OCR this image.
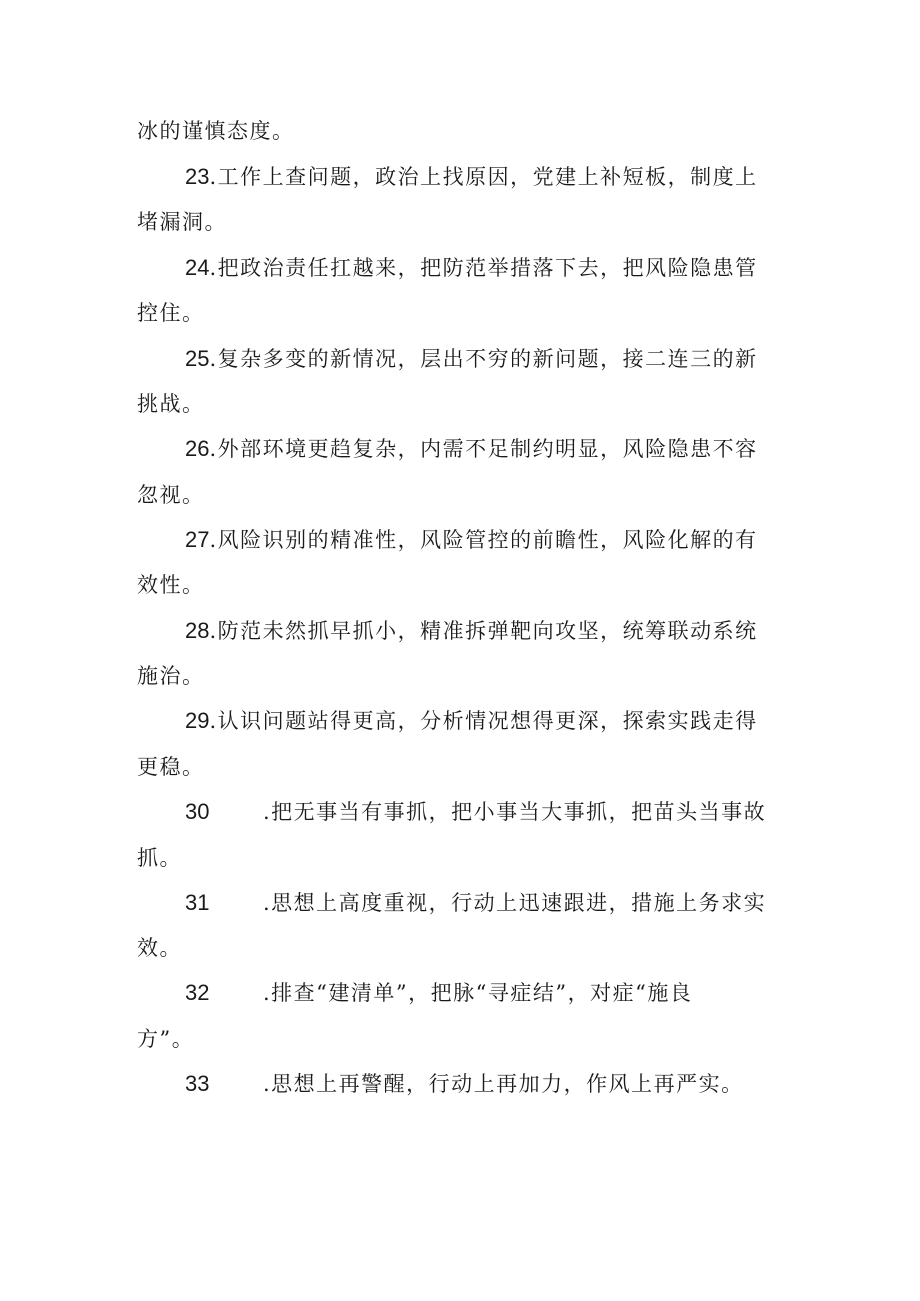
冰的谨慎态度。
23.工作上查问题，政治上找原因，党建上补短板，制度上
堵漏洞。
24.把政治责任扛越来，把防范举措落下去，把风险隐患管
控住。
25.复杂多变的新情况，层出不穷的新问题，接二连三的新
挑战。
26.外部环境更趋复杂，内需不足制约明显，风险隐患不容
忽视。
27.风险识别的精准性，风险管控的前瞻性，风险化解的有
效性。
28.防范未然抓早抓小，精准拆弹靶向攻坚，统筹联动系统
施治。
29.认识问题站得更高，分析情况想得更深，探索实践走得
更稳。
30	.把无事当有事抓，把小事当大事抓，把苗头当事故
抓。
31	.思想上高度重视，行动上迅速跟进，措施上务求实
效。
32	.排查“建清单”，把脉“寻症结”，对症“施良
方”。
33	.思想上再警醒，行动上再加力，作风上再严实。
